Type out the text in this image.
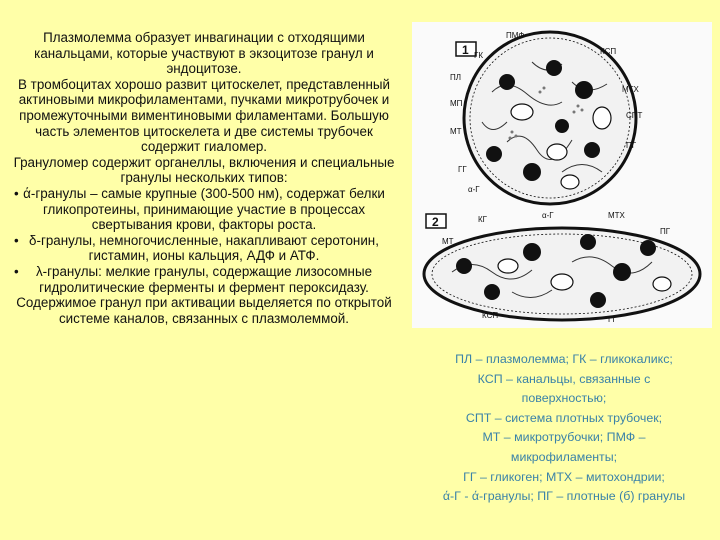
Плазмолемма образует инвагинации с отходящими канальцами, которые участвуют в экзоцитозе гранул и эндоцитозе.

В тромбоцитах хорошо развит цитоскелет, представленный актиновыми микрофиламентами, пучками микротрубочек и промежуточными виментиновыми филаментами. Большую часть элементов цитоскелета и две системы трубочек содержит гиаломер.

Грануломер содержит органеллы, включения и специальные гранулы нескольких типов:

• ά-гранулы – самые крупные (300-500 нм), содержат белки гликопротеины, принимающие участие в процессах свертывания крови, факторы роста.

• δ-гранулы, немногочисленные, накапливают серотонин, гистамин, ионы кальция, АДФ и АТФ.

• λ-гранулы: мелкие гранулы, содержащие лизосомные гидролитические ферменты и фермент пероксидазу.

Содержимое гранул при активации выделяется по открытой системе каналов, связанных с плазмолеммой.

1
ПМФ
КСП
ГК
ПЛ
МТХ
МП
СПТ
МТ
ПГ
ГГ
α-Г
2	α-Г	МТХ
КГ
МТ
ПГ
КСП	ГГ
ПЛ – плазмолемма; ГК – гликокаликс;
КСП – канальцы, связанные с
поверхностью;
СПТ – система плотных трубочек;
МТ – микротрубочки; ПМФ –
микрофиламенты;
ГГ – гликоген; МТХ – митохондрии;
ά-Г - ά-гранулы; ПГ – плотные (б) гранулы
